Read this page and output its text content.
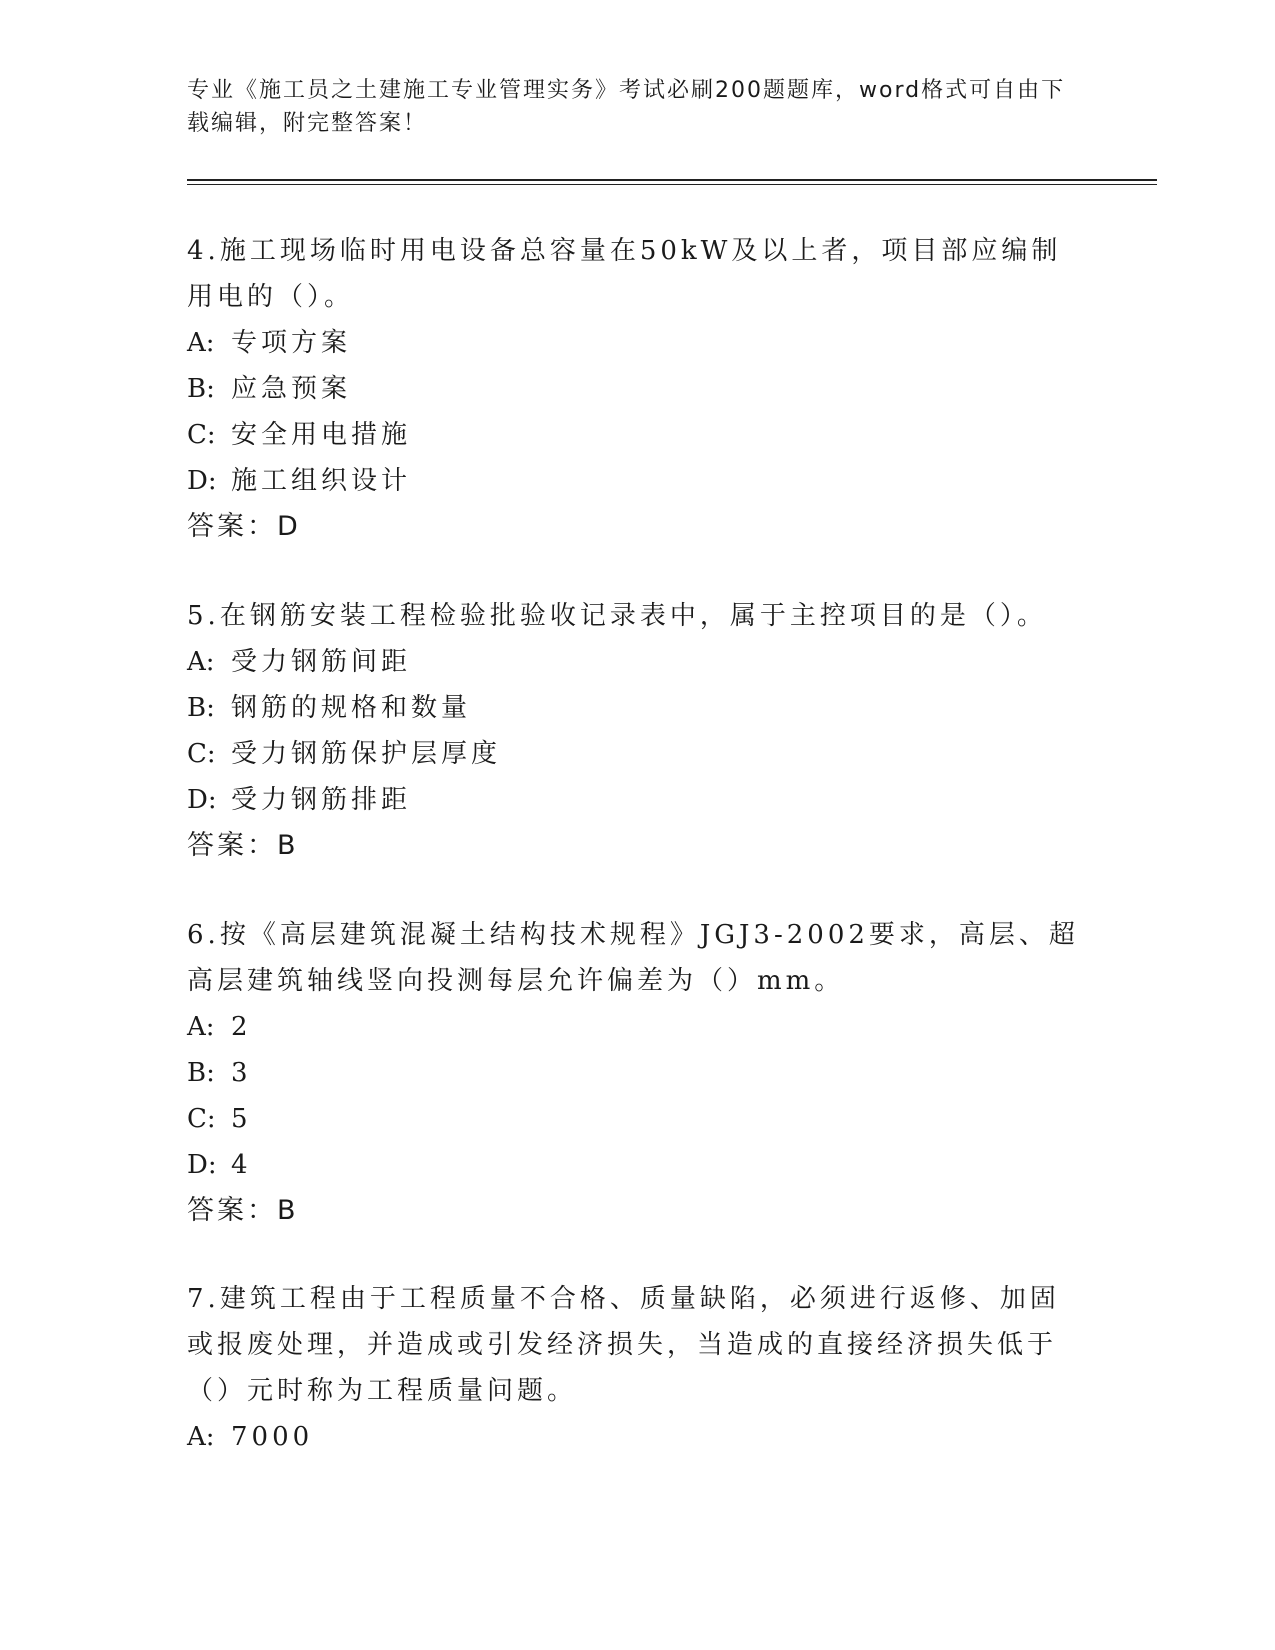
专业《施工员之土建施工专业管理实务》考试必刷200题题库，word格式可自由下载编辑，附完整答案！

4.施工现场临时用电设备总容量在50kW及以上者，项目部应编制用电的（）。

A: 专项方案

B: 应急预案

C: 安全用电措施

D: 施工组织设计

答案：D

5.在钢筋安装工程检验批验收记录表中，属于主控项目的是（）。

A: 受力钢筋间距

B: 钢筋的规格和数量

C: 受力钢筋保护层厚度

D: 受力钢筋排距

答案：B

6.按《高层建筑混凝土结构技术规程》JGJ3-2002要求，高层、超高层建筑轴线竖向投测每层允许偏差为（）mm。

A: 2

B: 3

C: 5

D: 4

答案：B

7.建筑工程由于工程质量不合格、质量缺陷，必须进行返修、加固或报废处理，并造成或引发经济损失，当造成的直接经济损失低于（）元时称为工程质量问题。

A: 7000
